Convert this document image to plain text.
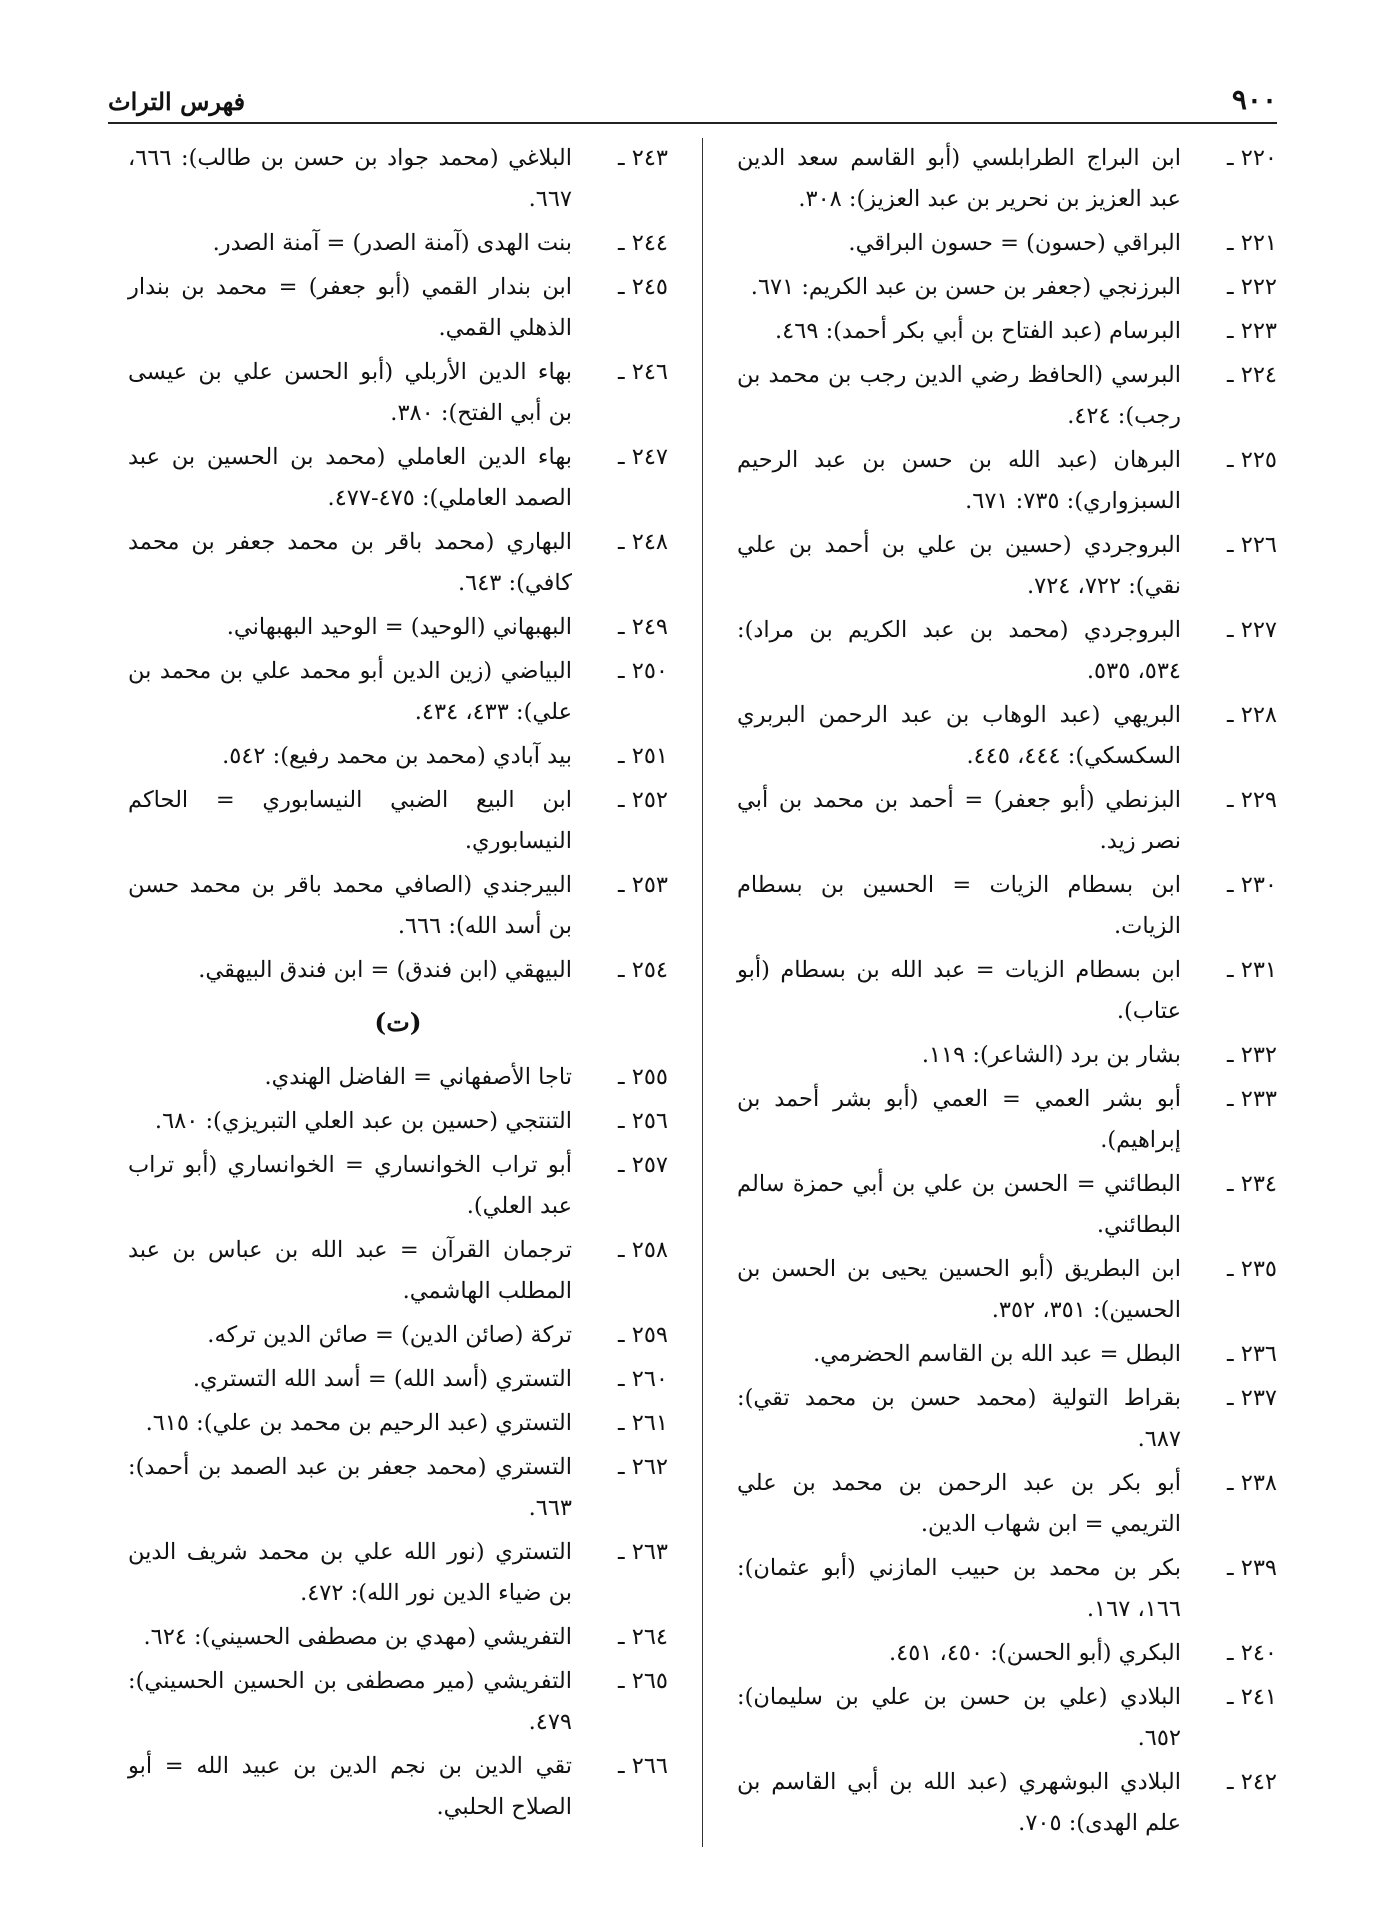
فهرس التراث	٩٠٠
٢٢٠ ـ
ابن البراج الطرابلسي (أبو القاسم سعد الدين عبد العزيز بن نحرير بن عبد العزيز): ٣٠٨.
٢٢١ ـ
البراقي (حسون) = حسون البراقي.
٢٢٢ ـ
البرزنجي (جعفر بن حسن بن عبد الكريم: ٦٧١.
٢٢٣ ـ
البرسام (عبد الفتاح بن أبي بكر أحمد): ٤٦٩.
٢٢٤ ـ
البرسي (الحافظ رضي الدين رجب بن محمد بن رجب): ٤٢٤.
٢٢٥ ـ
البرهان (عبد الله بن حسن بن عبد الرحيم السبزواري): ٧٣٥: ٦٧١.
٢٢٦ ـ
البروجردي (حسين بن علي بن أحمد بن علي نقي): ٧٢٢، ٧٢٤.
٢٢٧ ـ
البروجردي (محمد بن عبد الكريم بن مراد): ٥٣٤، ٥٣٥.
٢٢٨ ـ
البريهي (عبد الوهاب بن عبد الرحمن البربري السكسكي): ٤٤٤، ٤٤٥.
٢٢٩ ـ
البزنطي (أبو جعفر) = أحمد بن محمد بن أبي نصر زيد.
٢٣٠ ـ
ابن بسطام الزيات = الحسين بن بسطام الزيات.
٢٣١ ـ
ابن بسطام الزيات = عبد الله بن بسطام (أبو عتاب).
٢٣٢ ـ
بشار بن برد (الشاعر): ١١٩.
٢٣٣ ـ
أبو بشر العمي = العمي (أبو بشر أحمد بن إبراهيم).
٢٣٤ ـ
البطائني = الحسن بن علي بن أبي حمزة سالم البطائني.
٢٣٥ ـ
ابن البطريق (أبو الحسين يحيى بن الحسن بن الحسين): ٣٥١، ٣٥٢.
٢٣٦ ـ
البطل = عبد الله بن القاسم الحضرمي.
٢٣٧ ـ
بقراط التولية (محمد حسن بن محمد تقي): ٦٨٧.
٢٣٨ ـ
أبو بكر بن عبد الرحمن بن محمد بن علي التريمي = ابن شهاب الدين.
٢٣٩ ـ
بكر بن محمد بن حبيب المازني (أبو عثمان): ١٦٦، ١٦٧.
٢٤٠ ـ
البكري (أبو الحسن): ٤٥٠، ٤٥١.
٢٤١ ـ
البلادي (علي بن حسن بن علي بن سليمان): ٦٥٢.
٢٤٢ ـ
البلادي البوشهري (عبد الله بن أبي القاسم بن علم الهدى): ٧٠٥.
٢٤٣ ـ
البلاغي (محمد جواد بن حسن بن طالب): ٦٦٦، ٦٦٧.
٢٤٤ ـ
بنت الهدى (آمنة الصدر) = آمنة الصدر.
٢٤٥ ـ
ابن بندار القمي (أبو جعفر) = محمد بن بندار الذهلي القمي.
٢٤٦ ـ
بهاء الدين الأربلي (أبو الحسن علي بن عيسى بن أبي الفتح): ٣٨٠.
٢٤٧ ـ
بهاء الدين العاملي (محمد بن الحسين بن عبد الصمد العاملي): ٤٧٥-٤٧٧.
٢٤٨ ـ
البهاري (محمد باقر بن محمد جعفر بن محمد كافي): ٦٤٣.
٢٤٩ ـ
البهبهاني (الوحيد) = الوحيد البهبهاني.
٢٥٠ ـ
البياضي (زين الدين أبو محمد علي بن محمد بن علي): ٤٣٣، ٤٣٤.
٢٥١ ـ
بيد آبادي (محمد بن محمد رفيع): ٥٤٢.
٢٥٢ ـ
ابن البيع الضبي النيسابوري = الحاكم النيسابوري.
٢٥٣ ـ
البيرجندي (الصافي محمد باقر بن محمد حسن بن أسد الله): ٦٦٦.
٢٥٤ ـ
البيهقي (ابن فندق) = ابن فندق البيهقي.
(ت)
٢٥٥ ـ
تاجا الأصفهاني = الفاضل الهندي.
٢٥٦ ـ
التنتجي (حسين بن عبد العلي التبريزي): ٦٨٠.
٢٥٧ ـ
أبو تراب الخوانساري = الخوانساري (أبو تراب عبد العلي).
٢٥٨ ـ
ترجمان القرآن = عبد الله بن عباس بن عبد المطلب الهاشمي.
٢٥٩ ـ
تركة (صائن الدين) = صائن الدين تركه.
٢٦٠ ـ
التستري (أسد الله) = أسد الله التستري.
٢٦١ ـ
التستري (عبد الرحيم بن محمد بن علي): ٦١٥.
٢٦٢ ـ
التستري (محمد جعفر بن عبد الصمد بن أحمد): ٦٦٣.
٢٦٣ ـ
التستري (نور الله علي بن محمد شريف الدين بن ضياء الدين نور الله): ٤٧٢.
٢٦٤ ـ
التفريشي (مهدي بن مصطفى الحسيني): ٦٢٤.
٢٦٥ ـ
التفريشي (مير مصطفى بن الحسين الحسيني): ٤٧٩.
٢٦٦ ـ
تقي الدين بن نجم الدين بن عبيد الله = أبو الصلاح الحلبي.
